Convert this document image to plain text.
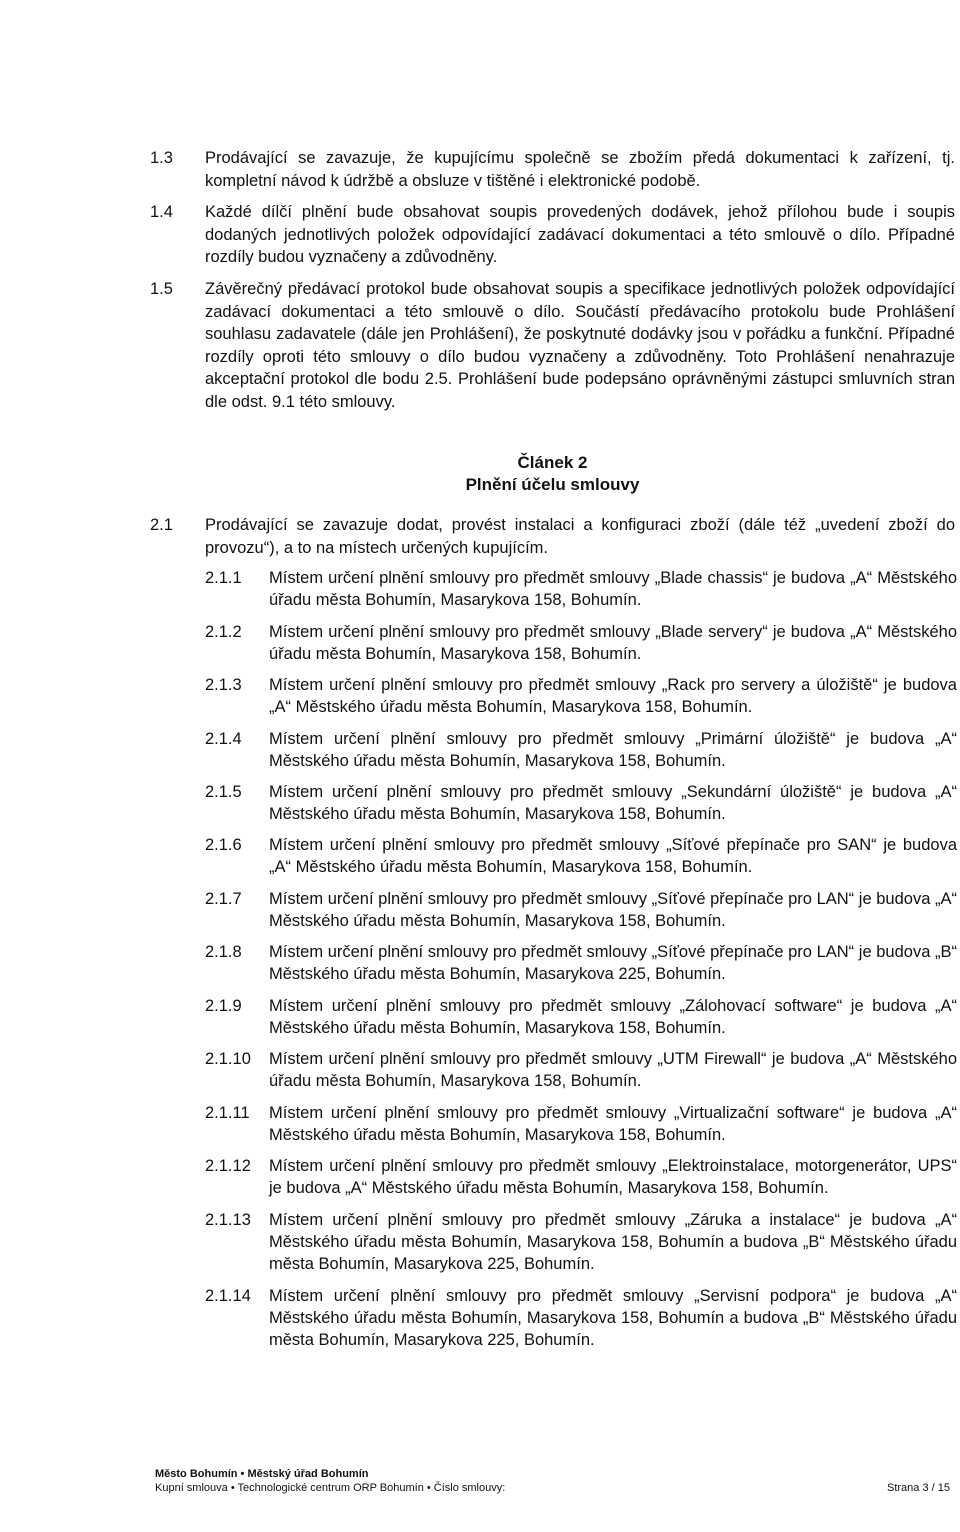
1.3 Prodávající se zavazuje, že kupujícímu společně se zbožím předá dokumentaci k zařízení, tj. kompletní návod k údržbě a obsluze v tištěné i elektronické podobě.
1.4 Každé dílčí plnění bude obsahovat soupis provedených dodávek, jehož přílohou bude i soupis dodaných jednotlivých položek odpovídající zadávací dokumentaci a této smlouvě o dílo. Případné rozdíly budou vyznačeny a zdůvodněny.
1.5 Závěrečný předávací protokol bude obsahovat soupis a specifikace jednotlivých položek odpovídající zadávací dokumentaci a této smlouvě o dílo. Součástí předávacího protokolu bude Prohlášení souhlasu zadavatele (dále jen Prohlášení), že poskytnuté dodávky jsou v pořádku a funkční. Případné rozdíly oproti této smlouvy o dílo budou vyznačeny a zdůvodněny. Toto Prohlášení nenahrazuje akceptační protokol dle bodu 2.5. Prohlášení bude podepsáno oprávněnými zástupci smluvních stran dle odst. 9.1 této smlouvy.
Článek 2
Plnění účelu smlouvy
2.1 Prodávající se zavazuje dodat, provést instalaci a konfiguraci zboží (dále též „uvedení zboží do provozu“), a to na místech určených kupujícím.
2.1.1 Místem určení plnění smlouvy pro předmět smlouvy „Blade chassis“ je budova „A“ Městského úřadu města Bohumín, Masarykova 158, Bohumín.
2.1.2 Místem určení plnění smlouvy pro předmět smlouvy „Blade servery“ je budova „A“ Městského úřadu města Bohumín, Masarykova 158, Bohumín.
2.1.3 Místem určení plnění smlouvy pro předmět smlouvy „Rack pro servery a úložiště“ je budova „A“ Městského úřadu města Bohumín, Masarykova 158, Bohumín.
2.1.4 Místem určení plnění smlouvy pro předmět smlouvy „Primární úložiště“ je budova „A“ Městského úřadu města Bohumín, Masarykova 158, Bohumín.
2.1.5 Místem určení plnění smlouvy pro předmět smlouvy „Sekundární úložiště“ je budova „A“ Městského úřadu města Bohumín, Masarykova 158, Bohumín.
2.1.6 Místem určení plnění smlouvy pro předmět smlouvy „Síťové přepínače pro SAN“ je budova „A“ Městského úřadu města Bohumín, Masarykova 158, Bohumín.
2.1.7 Místem určení plnění smlouvy pro předmět smlouvy „Síťové přepínače pro LAN“ je budova „A“ Městského úřadu města Bohumín, Masarykova 158, Bohumín.
2.1.8 Místem určení plnění smlouvy pro předmět smlouvy „Síťové přepínače pro LAN“ je budova „B“ Městského úřadu města Bohumín, Masarykova 225, Bohumín.
2.1.9 Místem určení plnění smlouvy pro předmět smlouvy „Zálohovací software“ je budova „A“ Městského úřadu města Bohumín, Masarykova 158, Bohumín.
2.1.10 Místem určení plnění smlouvy pro předmět smlouvy „UTM Firewall“ je budova „A“ Městského úřadu města Bohumín, Masarykova 158, Bohumín.
2.1.11 Místem určení plnění smlouvy pro předmět smlouvy „Virtualizační software“ je budova „A“ Městského úřadu města Bohumín, Masarykova 158, Bohumín.
2.1.12 Místem určení plnění smlouvy pro předmět smlouvy „Elektroinstalace, motorgenerátor, UPS“ je budova „A“ Městského úřadu města Bohumín, Masarykova 158, Bohumín.
2.1.13 Místem určení plnění smlouvy pro předmět smlouvy „Záruka a instalace“ je budova „A“ Městského úřadu města Bohumín, Masarykova 158, Bohumín a budova „B“ Městského úřadu města Bohumín, Masarykova 225, Bohumín.
2.1.14 Místem určení plnění smlouvy pro předmět smlouvy „Servisní podpora“ je budova „A“ Městského úřadu města Bohumín, Masarykova 158, Bohumín a budova „B“ Městského úřadu města Bohumín, Masarykova 225, Bohumín.
Město Bohumín • Městský úřad Bohumín
Kupní smlouva • Technologické centrum ORP Bohumín • Číslo smlouvy:	Strana 3 / 15
